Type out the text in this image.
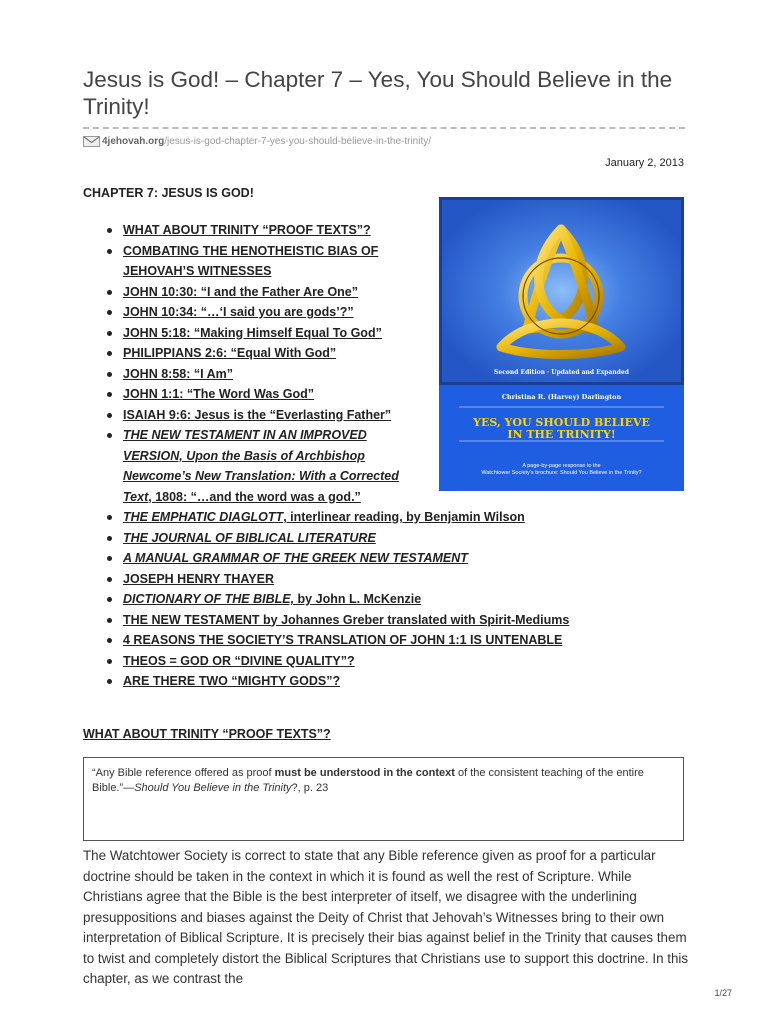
Jesus is God! – Chapter 7 – Yes, You Should Believe in the Trinity!
4jehovah.org /jesus-is-god-chapter-7-yes-you-should-believe-in-the-trinity/
January 2, 2013
CHAPTER 7: JESUS IS GOD!
Second Edition · Updated and Expanded
Christina R. (Harvey) Darlington
YES, YOU SHOULD BELIEVE
IN THE TRINITY!
A page-by-page response to the
Watchtower Society’s brochure: Should You Believe in the Trinity?
WHAT ABOUT TRINITY “PROOF TEXTS”?
COMBATING THE HENOTHEISTIC BIAS OF JEHOVAH’S WITNESSES
JOHN 10:30: “I and the Father Are One”
JOHN 10:34: “…‘I said you are gods’?”
JOHN 5:18: “Making Himself Equal To God”
PHILIPPIANS 2:6: “Equal With God”
JOHN 8:58: “I Am”
JOHN 1:1: “The Word Was God”
ISAIAH 9:6: Jesus is the “Everlasting Father”
THE NEW TESTAMENT IN AN IMPROVED VERSION, Upon the Basis of Archbishop Newcome’s New Translation: With a Corrected Text, 1808: “…and the word was a god.”
THE EMPHATIC DIAGLOTT, interlinear reading, by Benjamin Wilson
THE JOURNAL OF BIBLICAL LITERATURE
A MANUAL GRAMMAR OF THE GREEK NEW TESTAMENT
JOSEPH HENRY THAYER
DICTIONARY OF THE BIBLE, by John L. McKenzie
THE NEW TESTAMENT by Johannes Greber translated with Spirit-Mediums
4 REASONS THE SOCIETY’S TRANSLATION OF JOHN 1:1 IS UNTENABLE
THEOS = GOD OR “DIVINE QUALITY”?
ARE THERE TWO “MIGHTY GODS”?
WHAT ABOUT TRINITY “PROOF TEXTS”?
“Any Bible reference offered as proof must be understood in the context of the consistent teaching of the entire Bible.”—Should You Believe in the Trinity?, p. 23

The Watchtower Society is correct to state that any Bible reference given as proof for a particular doctrine should be taken in the context in which it is found as well the rest of Scripture. While Christians agree that the Bible is the best interpreter of itself, we disagree with the underlining presuppositions and biases against the Deity of Christ that Jehovah’s Witnesses bring to their own interpretation of Biblical Scripture. It is precisely their bias against belief in the Trinity that causes them to twist and completely distort the Biblical Scriptures that Christians use to support this doctrine. In this chapter, as we contrast the

1/27
